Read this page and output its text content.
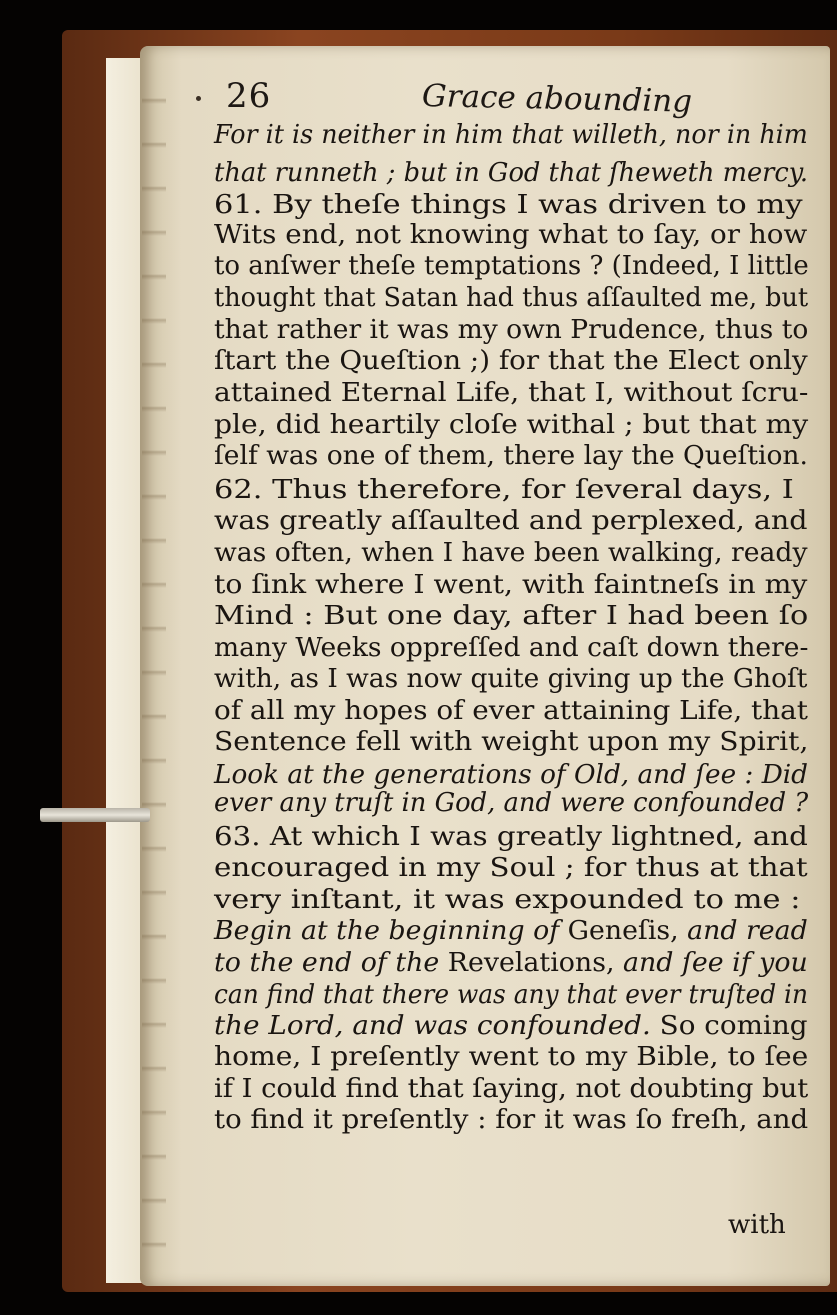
26	Grace abounding
For it is neither in him that willeth, nor in him
that runneth ; but in God that ſheweth mercy.
61. By theſe things I was driven to my
Wits end, not knowing what to ſay, or how
to anſwer theſe temptations ? (Indeed, I little
thought that Satan had thus aſſaulted me, but
that rather it was my own Prudence, thus to
ſtart the Queſtion ;) for that the Elect only
attained Eternal Life, that I, without ſcru-
ple, did heartily cloſe withal ; but that my
ſelf was one of them, there lay the Queſtion.
62. Thus therefore, for ſeveral days, I
was greatly aſſaulted and perplexed, and
was often, when I have been walking, ready
to ſink where I went, with faintneſs in my
Mind : But one day, after I had been ſo
many Weeks oppreſſed and caſt down there-
with, as I was now quite giving up the Ghoſt
of all my hopes of ever attaining Life, that
Sentence fell with weight upon my Spirit,
Look at the generations of Old, and ſee : Did
ever any truſt in God, and were confounded ?
63. At which I was greatly lightned, and
encouraged in my Soul ; for thus at that
very inſtant, it was expounded to me :
Begin at the beginning of Geneſis, and read
to the end of the Revelations, and ſee if you
can find that there was any that ever truſted in
the Lord, and was confounded. So coming
home, I preſently went to my Bible, to ſee
if I could find that ſaying, not doubting but
to find it preſently : for it was ſo freſh, and
with
